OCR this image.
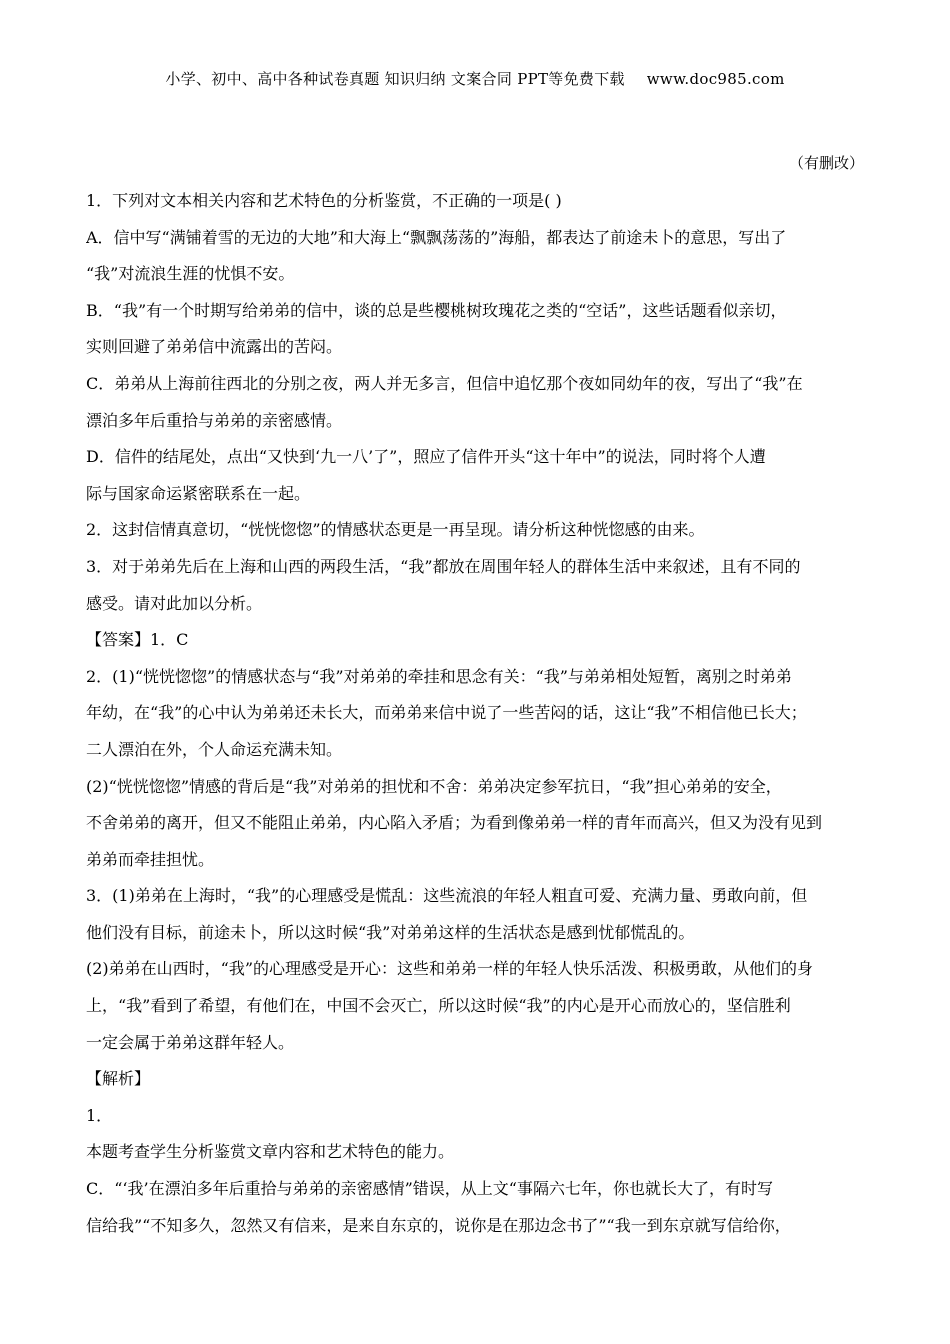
小学、初中、高中各种试卷真题 知识归纳 文案合同 PPT等免费下载 www.doc985.com
（有删改）

1．下列对文本相关内容和艺术特色的分析鉴赏，不正确的一项是( )

A．信中写“满铺着雪的无边的大地”和大海上“飘飘荡荡的”海船，都表达了前途未卜的意思，写出了

“我”对流浪生涯的忧惧不安。

B．“我”有一个时期写给弟弟的信中，谈的总是些樱桃树玫瑰花之类的“空话”，这些话题看似亲切，

实则回避了弟弟信中流露出的苦闷。

C．弟弟从上海前往西北的分别之夜，两人并无多言，但信中追忆那个夜如同幼年的夜，写出了“我”在

漂泊多年后重拾与弟弟的亲密感情。

D．信件的结尾处，点出“又快到‘九一八’了”，照应了信件开头“这十年中”的说法，同时将个人遭

际与国家命运紧密联系在一起。

2．这封信情真意切，“恍恍惚惚”的情感状态更是一再呈现。请分析这种恍惚感的由来。

3．对于弟弟先后在上海和山西的两段生活，“我”都放在周围年轻人的群体生活中来叙述，且有不同的

感受。请对此加以分析。

【答案】1．C

2．(1)“恍恍惚惚”的情感状态与“我”对弟弟的牵挂和思念有关：“我”与弟弟相处短暂，离别之时弟弟

年幼，在“我”的心中认为弟弟还未长大，而弟弟来信中说了一些苦闷的话，这让“我”不相信他已长大；

二人漂泊在外，个人命运充满未知。

(2)“恍恍惚惚”情感的背后是“我”对弟弟的担忧和不舍：弟弟决定参军抗日，“我”担心弟弟的安全，

不舍弟弟的离开，但又不能阻止弟弟，内心陷入矛盾；为看到像弟弟一样的青年而高兴，但又为没有见到

弟弟而牵挂担忧。

3．(1)弟弟在上海时，“我”的心理感受是慌乱：这些流浪的年轻人粗直可爱、充满力量、勇敢向前，但

他们没有目标，前途未卜，所以这时候“我”对弟弟这样的生活状态是感到忧郁慌乱的。

(2)弟弟在山西时，“我”的心理感受是开心：这些和弟弟一样的年轻人快乐活泼、积极勇敢，从他们的身

上，“我”看到了希望，有他们在，中国不会灭亡，所以这时候“我”的内心是开心而放心的，坚信胜利

一定会属于弟弟这群年轻人。

【解析】

1．

本题考查学生分析鉴赏文章内容和艺术特色的能力。

C．“‘我’在漂泊多年后重拾与弟弟的亲密感情”错误，从上文“事隔六七年，你也就长大了，有时写

信给我”“不知多久，忽然又有信来，是来自东京的，说你是在那边念书了”“我一到东京就写信给你，
